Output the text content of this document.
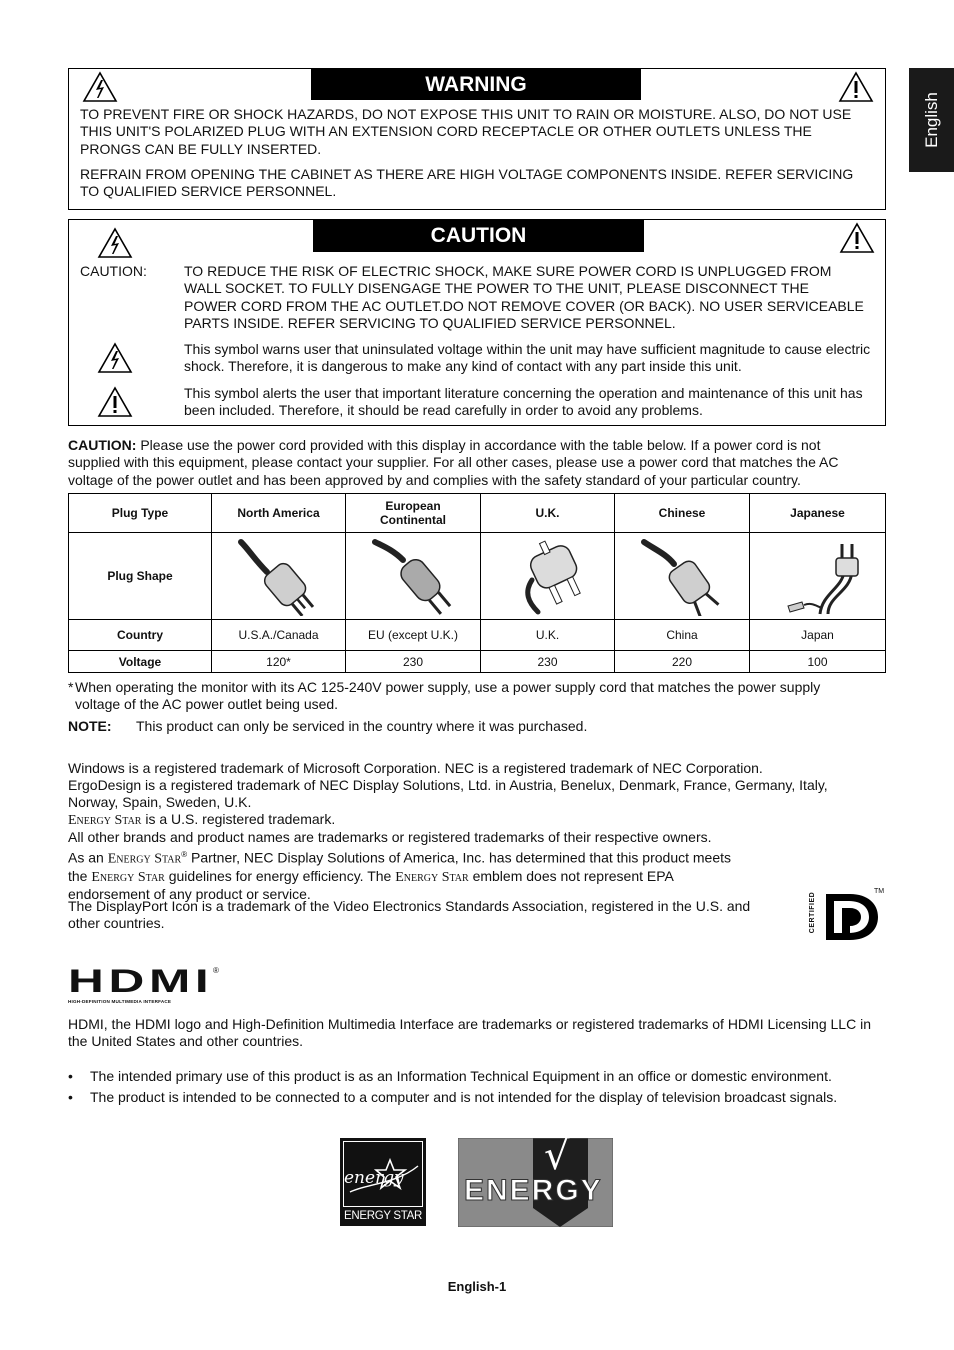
English
WARNING
TO PREVENT FIRE OR SHOCK HAZARDS, DO NOT EXPOSE THIS UNIT TO RAIN OR MOISTURE. ALSO, DO NOT USE THIS UNIT'S POLARIZED PLUG WITH AN EXTENSION CORD RECEPTACLE OR OTHER OUTLETS UNLESS THE PRONGS CAN BE FULLY INSERTED.
REFRAIN FROM OPENING THE CABINET AS THERE ARE HIGH VOLTAGE COMPONENTS INSIDE. REFER SERVICING TO QUALIFIED SERVICE PERSONNEL.
CAUTION
CAUTION:	TO REDUCE THE RISK OF ELECTRIC SHOCK, MAKE SURE POWER CORD IS UNPLUGGED FROM WALL SOCKET. TO FULLY DISENGAGE THE POWER TO THE UNIT, PLEASE DISCONNECT THE POWER CORD FROM THE AC OUTLET.DO NOT REMOVE COVER (OR BACK). NO USER SERVICEABLE PARTS INSIDE. REFER SERVICING TO QUALIFIED SERVICE PERSONNEL.
This symbol warns user that uninsulated voltage within the unit may have sufficient magnitude to cause electric shock. Therefore, it is dangerous to make any kind of contact with any part inside this unit.
This symbol alerts the user that important literature concerning the operation and maintenance of this unit has been included. Therefore, it should be read carefully in order to avoid any problems.
CAUTION: Please use the power cord provided with this display in accordance with the table below. If a power cord is not supplied with this equipment, please contact your supplier. For all other cases, please use a power cord that matches the AC voltage of the power outlet and has been approved by and complies with the safety standard of your particular country.
Plug Type	North America	European Continental	U.K.	Chinese	Japanese
Plug Shape	

Country	U.S.A./Canada	EU (except U.K.)	U.K.	China	Japan
Voltage	120*	230	230	220	100
* When operating the monitor with its AC 125-240V power supply, use a power supply cord that matches the power supply voltage of the AC power outlet being used.
NOTE: This product can only be serviced in the country where it was purchased.
Windows is a registered trademark of Microsoft Corporation. NEC is a registered trademark of NEC Corporation.
ErgoDesign is a registered trademark of NEC Display Solutions, Ltd. in Austria, Benelux, Denmark, France, Germany, Italy, Norway, Spain, Sweden, U.K.
Energy Star is a U.S. registered trademark.
All other brands and product names are trademarks or registered trademarks of their respective owners.
As an Energy Star® Partner, NEC Display Solutions of America, Inc. has determined that this product meets the Energy Star guidelines for energy efficiency. The Energy Star emblem does not represent EPA endorsement of any product or service.
The DisplayPort Icon is a trademark of the Video Electronics Standards Association, registered in the U.S. and other countries.	CERTIFIED
TM
HDMI ®
HIGH-DEFINITION MULTIMEDIA INTERFACE
HDMI, the HDMI logo and High-Definition Multimedia Interface are trademarks or registered trademarks of HDMI Licensing LLC in the United States and other countries.
• The intended primary use of this product is as an Information Technical Equipment in an office or domestic environment.
• The product is intended to be connected to a computer and is not intended for the display of television broadcast signals.
energy
ENERGY STAR
√
ENERGY
English-1
